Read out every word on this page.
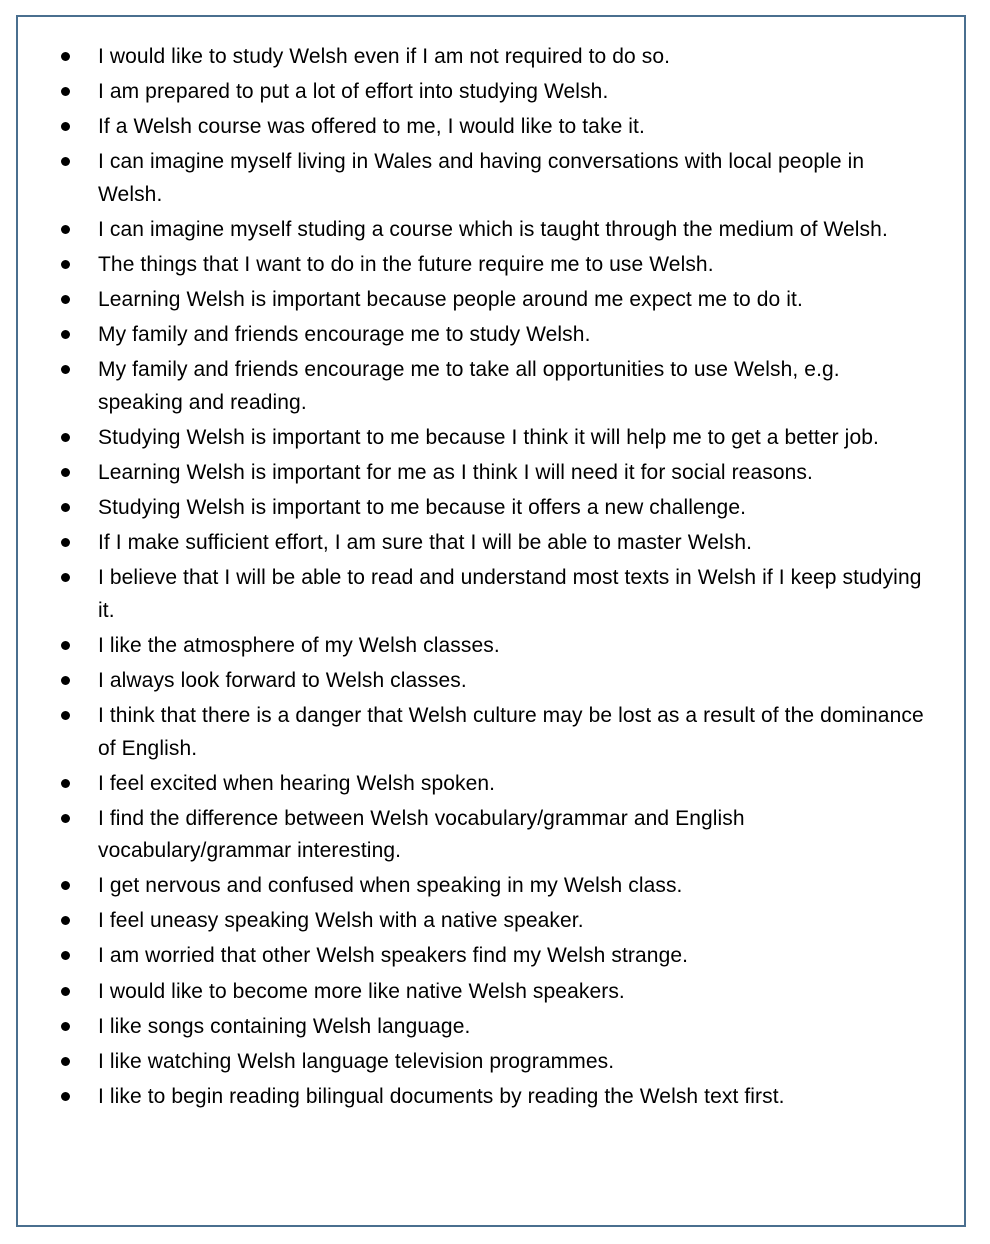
I would like to study Welsh even if I am not required to do so.
I am prepared to put a lot of effort into studying Welsh.
If a Welsh course was offered to me, I would like to take it.
I can imagine myself living in Wales and having conversations with local people in Welsh.
I can imagine myself studing a course which is taught through the medium of Welsh.
The things that I want to do in the future require me to use Welsh.
Learning Welsh is important because people around me expect me to do it.
My family and friends encourage me to study Welsh.
My family and friends encourage me to take all opportunities to use Welsh, e.g. speaking and reading.
Studying Welsh is important to me because I think it will help me to get a better job.
Learning Welsh is important for me as I think I will need it for social reasons.
Studying Welsh is important to me because it offers a new challenge.
If I make sufficient effort, I am sure that I will be able to master Welsh.
I believe that I will be able to read and understand most texts in Welsh if I keep studying it.
I like the atmosphere of my Welsh classes.
I always look forward to Welsh classes.
I think that there is a danger that Welsh culture may be lost as a result of the dominance of English.
I feel excited when hearing Welsh spoken.
I find the difference between Welsh vocabulary/grammar and English vocabulary/grammar interesting.
I get nervous and confused when speaking in my Welsh class.
I feel uneasy speaking Welsh with a native speaker.
I am worried that other Welsh speakers find my Welsh strange.
I would like to become more like native Welsh speakers.
I like songs containing Welsh language.
I like watching Welsh language television programmes.
I like to begin reading bilingual documents by reading the Welsh text first.
